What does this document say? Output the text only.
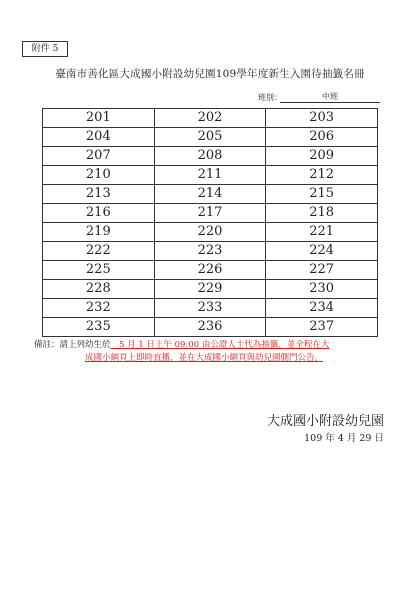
附件 5
臺南市善化區大成國小附設幼兒園109學年度新生入園待抽籤名冊
班別：	中班
201	202	203
204	205	206
207	208	209
210	211	212
213	214	215
216	217	218
219	220	221
222	223	224
225	226	227
228	229	230
232	233	234
235	236	237
備註：請上列幼生於　5 月 1 日上午 09:00 由公證人士代為抽籤，並全程在大
成國小網頁上即時直播，並在大成國小網頁與幼兒園側門公告。
大成國小附設幼兒園
109 年 4 月 29 日
